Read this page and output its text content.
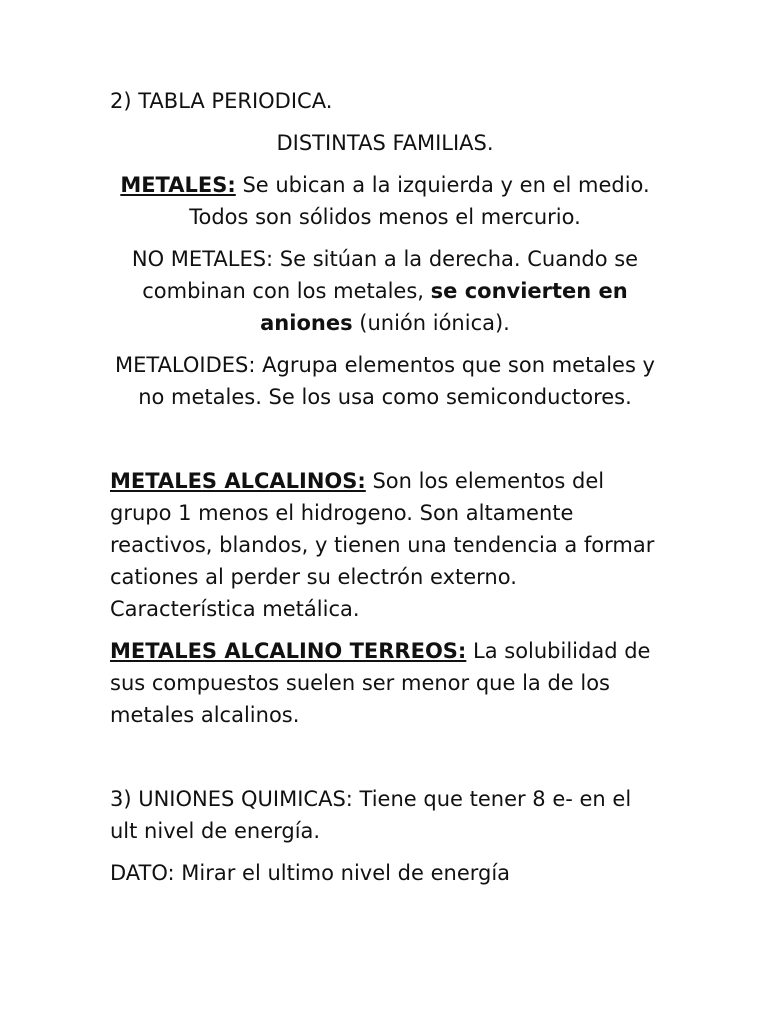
2) TABLA PERIODICA.

DISTINTAS FAMILIAS.

METALES: Se ubican a la izquierda y en el medio. Todos son sólidos menos el mercurio.

NO METALES: Se sitúan a la derecha. Cuando se combinan con los metales, se convierten en aniones (unión iónica).

METALOIDES: Agrupa elementos que son metales y no metales. Se los usa como semiconductores.

METALES ALCALINOS: Son los elementos del grupo 1 menos el hidrogeno. Son altamente reactivos, blandos, y tienen una tendencia a formar cationes al perder su electrón externo. Característica metálica.

METALES ALCALINO TERREOS: La solubilidad de sus compuestos suelen ser menor que la de los metales alcalinos.

3) UNIONES QUIMICAS: Tiene que tener 8 e- en el ult nivel de energía.

DATO: Mirar el ultimo nivel de energía
